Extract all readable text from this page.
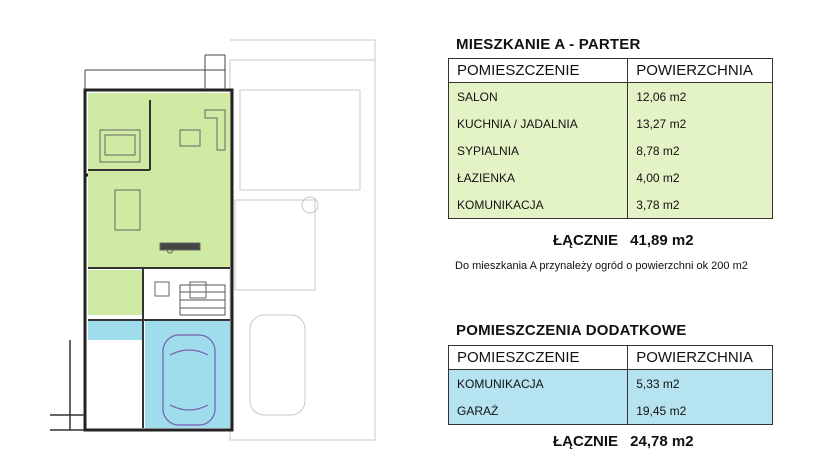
MIESZKANIE A - PARTER
POMIESZCZENIE	POWIERZCHNIA
SALON	12,06 m2
KUCHNIA / JADALNIA	13,27 m2
SYPIALNIA	8,78 m2
ŁAZIENKA	4,00 m2
KOMUNIKACJA	3,78 m2
ŁĄCZNIE 41,89 m2
Do mieszkania A przynależy ogród o powierzchni ok 200 m2
POMIESZCZENIA DODATKOWE
POMIESZCZENIE	POWIERZCHNIA
KOMUNIKACJA	5,33 m2
GARAŻ	19,45 m2
ŁĄCZNIE 24,78 m2
